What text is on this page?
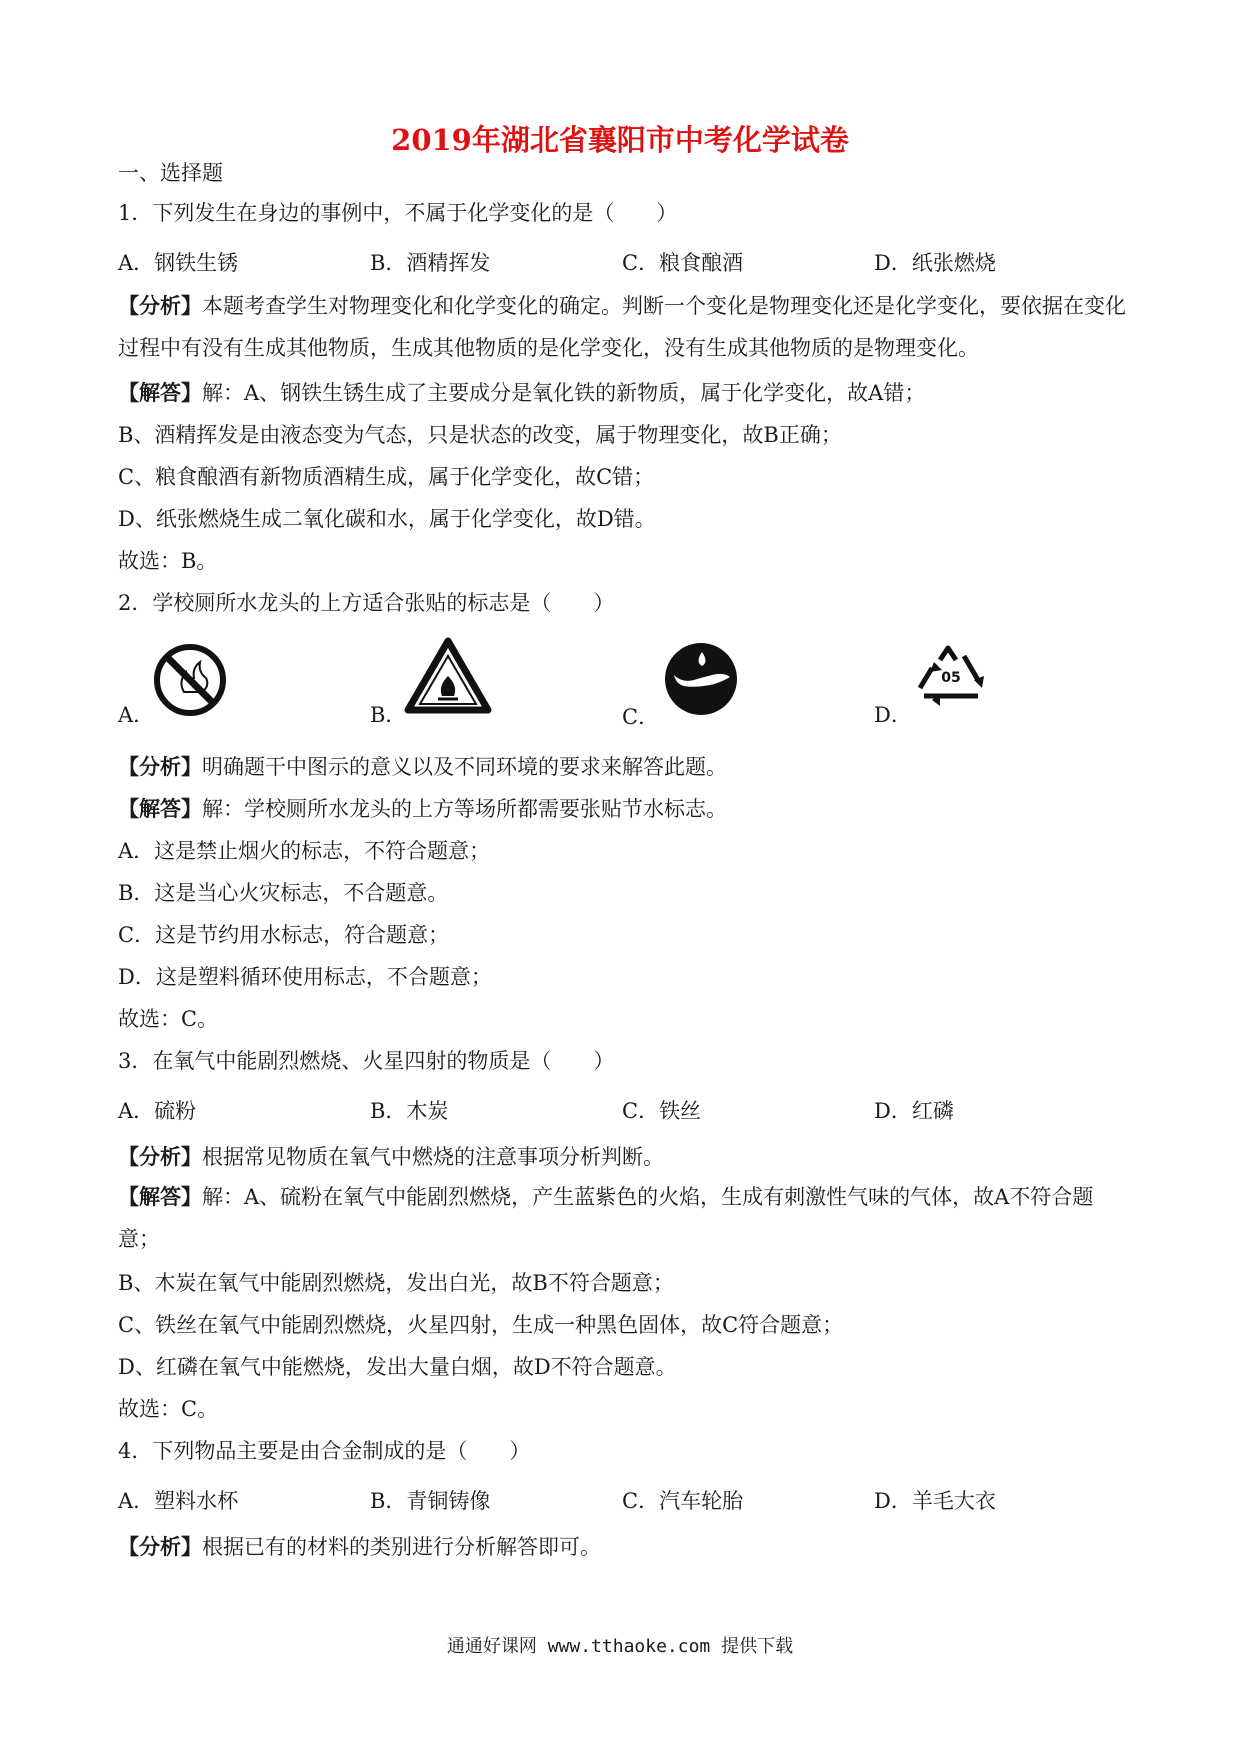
2019年湖北省襄阳市中考化学试卷
一、选择题
1．下列发生在身边的事例中，不属于化学变化的是（　　）
A．钢铁生锈	B．酒精挥发	C．粮食酿酒	D．纸张燃烧
【分析】本题考查学生对物理变化和化学变化的确定。判断一个变化是物理变化还是化学变化，要依据在变化过程中有没有生成其他物质，生成其他物质的是化学变化，没有生成其他物质的是物理变化。
【解答】解：A、钢铁生锈生成了主要成分是氧化铁的新物质，属于化学变化，故A错；
B、酒精挥发是由液态变为气态，只是状态的改变，属于物理变化，故B正确；
C、粮食酿酒有新物质酒精生成，属于化学变化，故C错；
D、纸张燃烧生成二氧化碳和水，属于化学变化，故D错。
故选：B。
2．学校厕所水龙头的上方适合张贴的标志是（　　）
A．	B．	C．	D．
05
【分析】明确题干中图示的意义以及不同环境的要求来解答此题。
【解答】解：学校厕所水龙头的上方等场所都需要张贴节水标志。
A．这是禁止烟火的标志，不符合题意；
B．这是当心火灾标志，不合题意。
C．这是节约用水标志，符合题意；
D．这是塑料循环使用标志，不合题意；
故选：C。
3．在氧气中能剧烈燃烧、火星四射的物质是（　　）
A．硫粉	B．木炭	C．铁丝	D．红磷
【分析】根据常见物质在氧气中燃烧的注意事项分析判断。
【解答】解：A、硫粉在氧气中能剧烈燃烧，产生蓝紫色的火焰，生成有刺激性气味的气体，故A不符合题意；
B、木炭在氧气中能剧烈燃烧，发出白光，故B不符合题意；
C、铁丝在氧气中能剧烈燃烧，火星四射，生成一种黑色固体，故C符合题意；
D、红磷在氧气中能燃烧，发出大量白烟，故D不符合题意。
故选：C。
4．下列物品主要是由合金制成的是（　　）
A．塑料水杯	B．青铜铸像	C．汽车轮胎	D．羊毛大衣
【分析】根据已有的材料的类别进行分析解答即可。
通通好课网 www.tthaoke.com 提供下载
